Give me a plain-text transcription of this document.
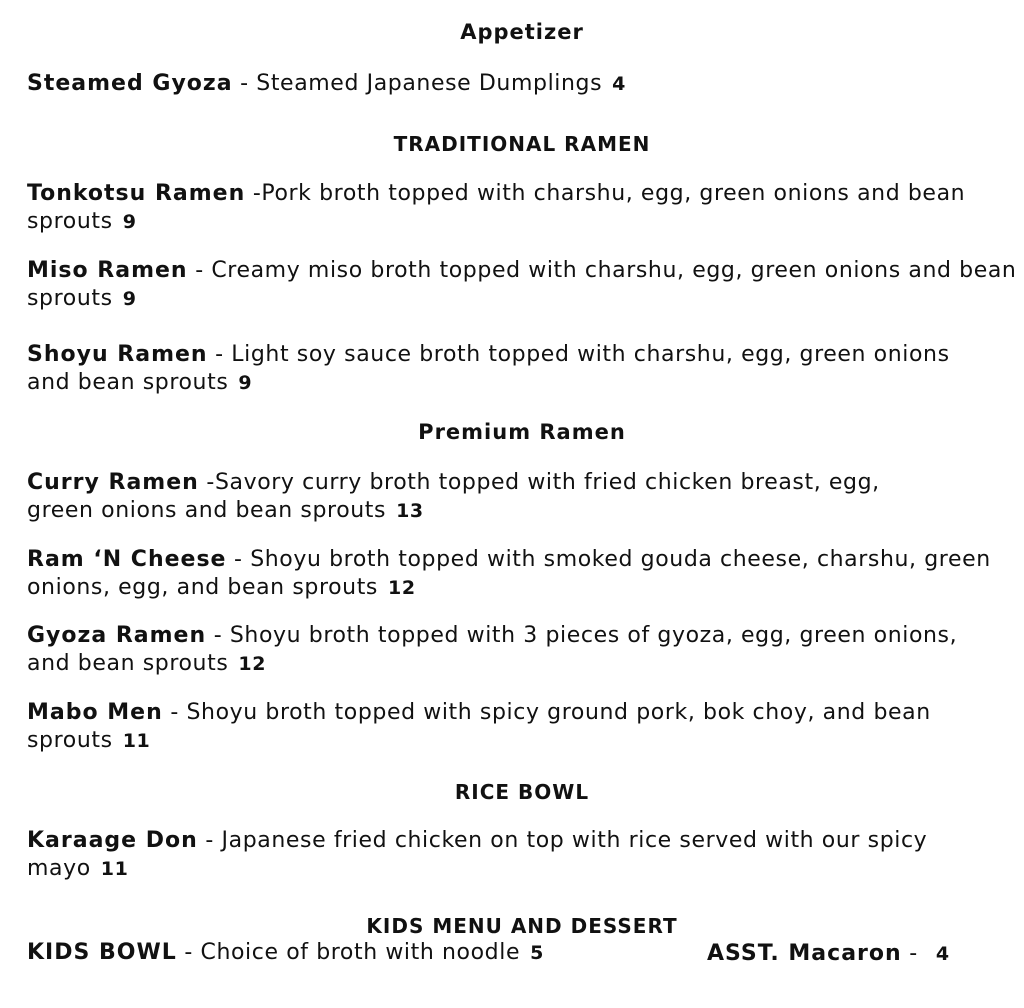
Appetizer
Steamed Gyoza - Steamed Japanese Dumplings 4
TRADITIONAL RAMEN
Tonkotsu Ramen -Pork broth topped with charshu, egg, green onions and bean sprouts 9
Miso Ramen - Creamy miso broth topped with charshu, egg, green onions and bean sprouts 9
Shoyu Ramen - Light soy sauce broth topped with charshu, egg, green onions and bean sprouts 9
Premium Ramen
Curry Ramen -Savory curry broth topped with fried chicken breast, egg, green onions and bean sprouts 13
Ram ‘N Cheese - Shoyu broth topped with smoked gouda cheese, charshu, green onions, egg, and bean sprouts 12
Gyoza Ramen - Shoyu broth topped with 3 pieces of gyoza, egg, green onions, and bean sprouts 12
Mabo Men - Shoyu broth topped with spicy ground pork, bok choy, and bean sprouts 11
RICE BOWL
Karaage Don - Japanese fried chicken on top with rice served with our spicy mayo 11
KIDS MENU AND DESSERT
KIDS BOWL - Choice of broth with noodle 5	ASST. Macaron - 4
